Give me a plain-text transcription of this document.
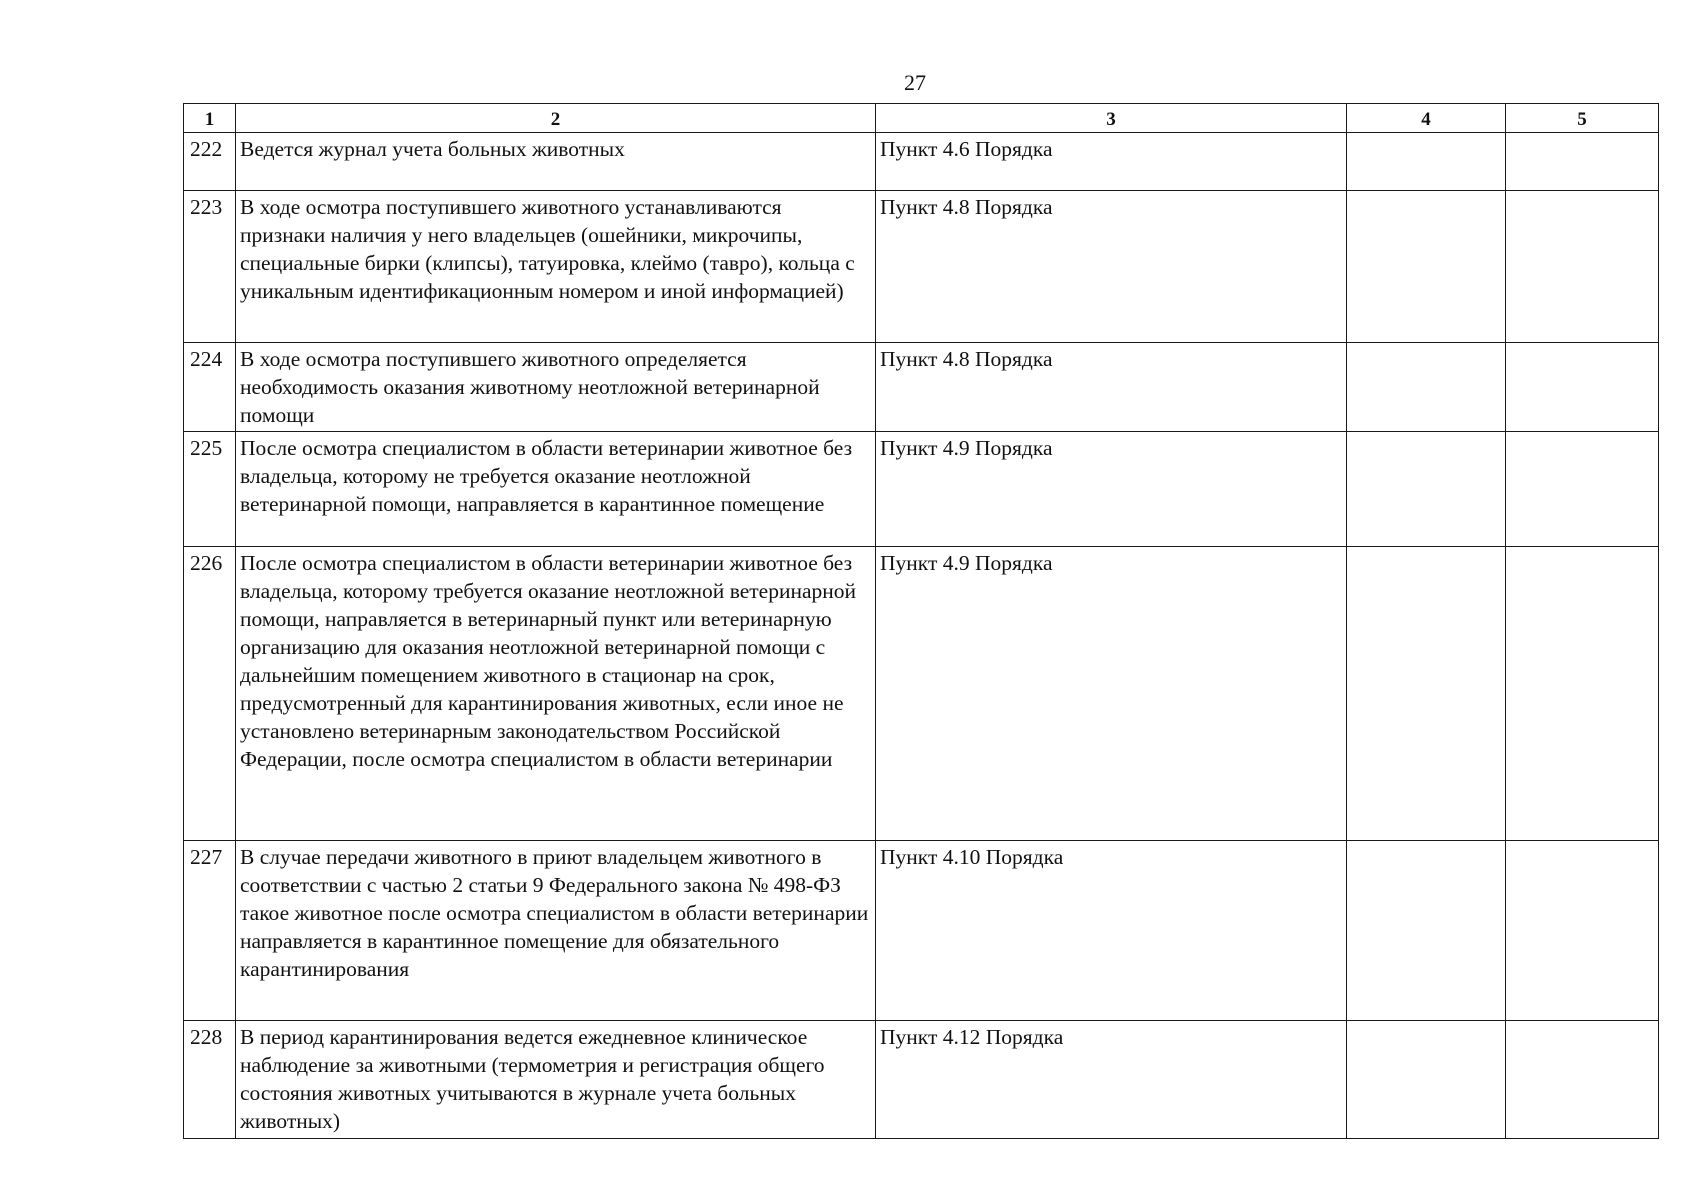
27
1	2	3	4	5
222	Ведется журнал учета больных животных	Пункт 4.6 Порядка		
223	В ходе осмотра поступившего животного устанавливаются признаки наличия у него владельцев (ошейники, микрочипы, специальные бирки (клипсы), татуировка, клеймо (тавро), кольца с уникальным идентификационным номером и иной информацией)	Пункт 4.8 Порядка		
224	В ходе осмотра поступившего животного определяется необходимость оказания животному неотложной ветеринарной помощи	Пункт 4.8 Порядка		
225	После осмотра специалистом в области ветеринарии животное без владельца, которому не требуется оказание неотложной ветеринарной помощи, направляется в карантинное помещение	Пункт 4.9 Порядка		
226	После осмотра специалистом в области ветеринарии животное без владельца, которому требуется оказание неотложной ветеринарной помощи, направляется в ветеринарный пункт или ветеринарную организацию для оказания неотложной ветеринарной помощи с дальнейшим помещением животного в стационар на срок, предусмотренный для карантинирования животных, если иное не установлено ветеринарным законодательством Российской Федерации, после осмотра специалистом в области ветеринарии	Пункт 4.9 Порядка		
227	В случае передачи животного в приют владельцем животного в соответствии с частью 2 статьи 9 Федерального закона № 498-ФЗ такое животное после осмотра специалистом в области ветеринарии направляется в карантинное помещение для обязательного карантинирования	Пункт 4.10 Порядка		
228	В период карантинирования ведется ежедневное клиническое наблюдение за животными (термометрия и регистрация общего состояния животных учитываются в журнале учета больных животных)	Пункт 4.12 Порядка		
